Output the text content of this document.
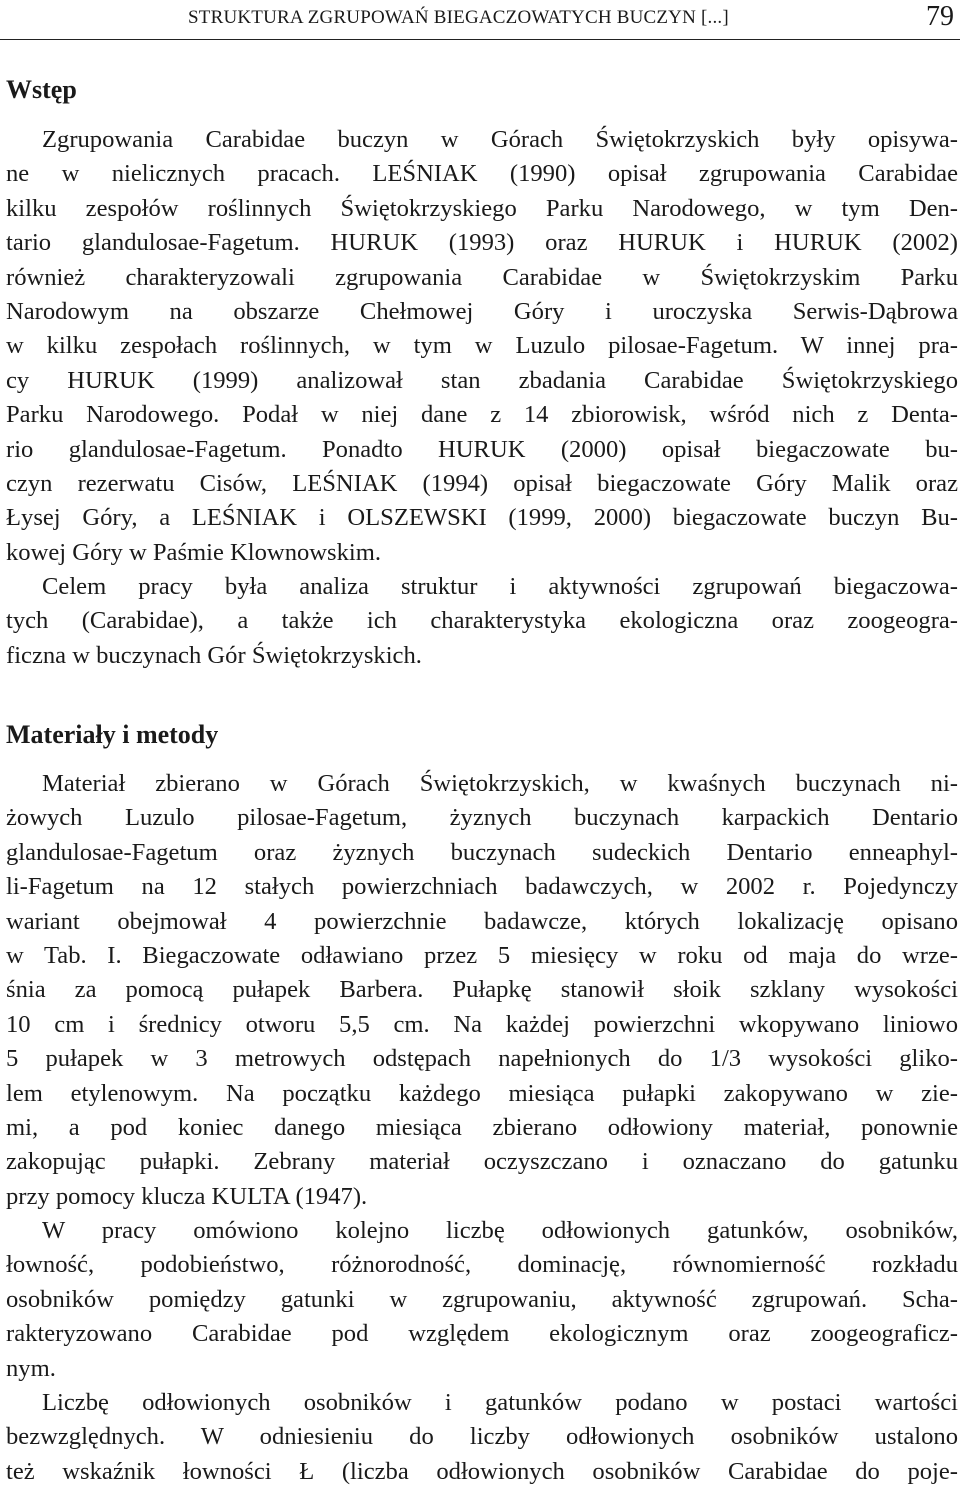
STRUKTURA ZGRUPOWAŃ BIEGACZOWATYCH BUCZYN [...]	79
Wstęp
Zgrupowania Carabidae buczyn w Górach Świętokrzyskich były opisywa-
ne w nielicznych pracach. LEŚNIAK (1990) opisał zgrupowania Carabidae
kilku zespołów roślinnych Świętokrzyskiego Parku Narodowego, w tym Den-
tario glandulosae-Fagetum. HURUK (1993) oraz HURUK i HURUK (2002)
również charakteryzowali zgrupowania Carabidae w Świętokrzyskim Parku
Narodowym na obszarze Chełmowej Góry i uroczyska Serwis-Dąbrowa
w kilku zespołach roślinnych, w tym w Luzulo pilosae-Fagetum. W innej pra-
cy HURUK (1999) analizował stan zbadania Carabidae Świętokrzyskiego
Parku Narodowego. Podał w niej dane z 14 zbiorowisk, wśród nich z Denta-
rio glandulosae-Fagetum. Ponadto HURUK (2000) opisał biegaczowate bu-
czyn rezerwatu Cisów, LEŚNIAK (1994) opisał biegaczowate Góry Malik oraz
Łysej Góry, a LEŚNIAK i OLSZEWSKI (1999, 2000) biegaczowate buczyn Bu-
kowej Góry w Paśmie Klownowskim.
Celem pracy była analiza struktur i aktywności zgrupowań biegaczowa-
tych (Carabidae), a także ich charakterystyka ekologiczna oraz zoogeogra-
ficzna w buczynach Gór Świętokrzyskich.
Materiały i metody
Materiał zbierano w Górach Świętokrzyskich, w kwaśnych buczynach ni-
żowych Luzulo pilosae-Fagetum, żyznych buczynach karpackich Dentario
glandulosae-Fagetum oraz żyznych buczynach sudeckich Dentario enneaphyl-
li-Fagetum na 12 stałych powierzchniach badawczych, w 2002 r. Pojedynczy
wariant obejmował 4 powierzchnie badawcze, których lokalizację opisano
w Tab. I. Biegaczowate odławiano przez 5 miesięcy w roku od maja do wrze-
śnia za pomocą pułapek Barbera. Pułapkę stanowił słoik szklany wysokości
10 cm i średnicy otworu 5,5 cm. Na każdej powierzchni wkopywano liniowo
5 pułapek w 3 metrowych odstępach napełnionych do 1/3 wysokości gliko-
lem etylenowym. Na początku każdego miesiąca pułapki zakopywano w zie-
mi, a pod koniec danego miesiąca zbierano odłowiony materiał, ponownie
zakopując pułapki. Zebrany materiał oczyszczano i oznaczano do gatunku
przy pomocy klucza KULTA (1947).
W pracy omówiono kolejno liczbę odłowionych gatunków, osobników,
łowność, podobieństwo, różnorodność, dominację, równomierność rozkładu
osobników pomiędzy gatunki w zgrupowaniu, aktywność zgrupowań. Scha-
rakteryzowano Carabidae pod względem ekologicznym oraz zoogeograficz-
nym.
Liczbę odłowionych osobników i gatunków podano w postaci wartości
bezwzględnych. W odniesieniu do liczby odłowionych osobników ustalono
też wskaźnik łowności Ł (liczba odłowionych osobników Carabidae do poje-
